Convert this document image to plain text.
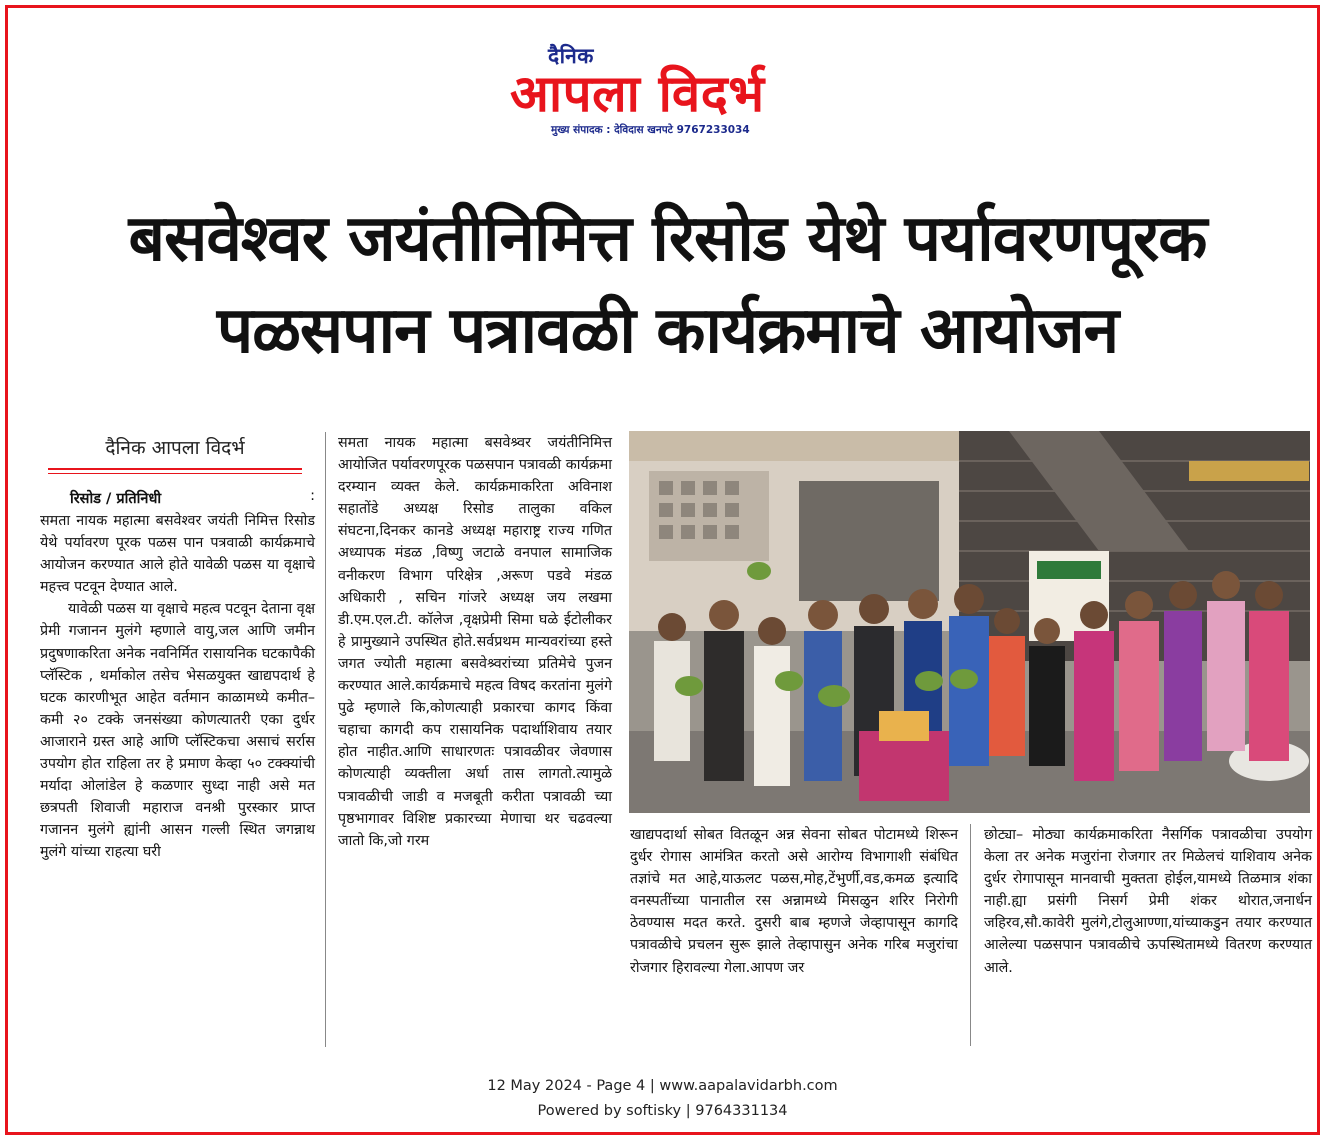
दैनिक
आपला विदर्भ
मुख्य संपादक : देविदास खनपटे 9767233034
बसवेश्वर जयंतीनिमित्त रिसोड येथे पर्यावरणपूरक
पळसपान पत्रावळी कार्यक्रमाचे आयोजन
दैनिक आपला विदर्भ
रिसोड / प्रतिनिधी	:

समता नायक महात्मा बसवेश्वर जयंती निमित्त रिसोड येथे पर्यावरण पूरक पळस पान पत्रवाळी कार्यक्रमाचे आयोजन करण्यात आले होते यावेळी पळस या वृक्षाचे महत्त्व पटवून देण्यात आले.

यावेळी पळस या वृक्षाचे महत्व पटवून देताना वृक्ष प्रेमी गजानन मुलंगे म्हणाले वायु,जल आणि जमीन प्रदुषणाकरिता अनेक नवनिर्मित रासायनिक घटकापैकी प्लॅस्टिक , थर्माकोल तसेच भेसळयुक्त खाद्यपदार्थ हे घटक कारणीभूत आहेत वर्तमान काळामध्ये कमीत– कमी २० टक्के जनसंख्या कोणत्यातरी एका दुर्धर आजाराने ग्रस्त आहे आणि प्लॅस्टिकचा असाचं सर्रास उपयोग होत राहिला तर हे प्रमाण केव्हा ५० टक्क्यांची मर्यादा ओलांडेल हे कळणार सुध्दा नाही असे मत छत्रपती शिवाजी महाराज वनश्री पुरस्कार प्राप्त गजानन मुलंगे ह्यांनी आसन गल्ली स्थित जगन्नाथ मुलंगे यांच्या राहत्या घरी

समता नायक महात्मा बसवेश्र्वर जयंतीनिमित्त आयोजित पर्यावरणपूरक पळसपान पत्रावळी कार्यक्रमा दरम्यान व्यक्त केले. कार्यक्रमाकरिता अविनाश सहातोंडे अध्यक्ष रिसोड तालुका वकिल संघटना,दिनकर कानडे अध्यक्ष महाराष्ट्र राज्य गणित अध्यापक मंडळ ,विष्णु जटाळे वनपाल सामाजिक वनीकरण विभाग परिक्षेत्र ,अरूण पडवे मंडळ अधिकारी , सचिन गांजरे अध्यक्ष जय लखमा डी.एम.एल.टी. कॉलेज ,वृक्षप्रेमी सिमा घळे ईटोलीकर हे प्रामुख्याने उपस्थित होते.सर्वप्रथम मान्यवरांच्या हस्ते जगत ज्योती महात्मा बसवेश्र्वरांच्या प्रतिमेचे पुजन करण्यात आले.कार्यक्रमाचे महत्व विषद करतांना मुलंगे पुढे म्हणाले कि,कोणत्याही प्रकारचा कागद किंवा चहाचा कागदी कप रासायनिक पदार्थाशिवाय तयार होत नाहीत.आणि साधारणतः पत्रावळीवर जेवणास कोणत्याही व्यक्तीला अर्धा तास लागतो.त्यामुळे पत्रावळीची जाडी व मजबूती करीता पत्रावळी च्या पृष्ठभागावर विशिष्ट प्रकारच्या मेणाचा थर चढवल्या जातो कि,जो गरम	खाद्यपदार्था सोबत वितळून अन्न सेवना सोबत पोटामध्ये शिरून दुर्धर रोगास आमंत्रित करतो असे आरोग्य विभागाशी संबंधित तज्ञांचे मत आहे,याऊलट पळस,मोह,टेंभुर्णी,वड,कमळ इत्यादि वनस्पतींच्या पानातील रस अन्नामध्ये मिसळुन शरिर निरोगी ठेवण्यास मदत करते. दुसरी बाब म्हणजे जेव्हापासून कागदि पत्रावळीचे प्रचलन सुरू झाले तेव्हापासुन अनेक गरिब मजुरांचा रोजगार हिरावल्या गेला.आपण जर

छोट्या– मोठ्या कार्यक्रमाकरिता नैसर्गिक पत्रावळीचा उपयोग केला तर अनेक मजुरांना रोजगार तर मिळेलचं याशिवाय अनेक दुर्धर रोगापासून मानवाची मुक्तता होईल,यामध्ये तिळमात्र शंका नाही.ह्या प्रसंगी निसर्ग प्रेमी शंकर थोरात,जनार्धन जहिरव,सौ.कावेरी मुलंगे,टोलुआण्णा,यांच्याकडुन तयार करण्यात आलेल्या पळसपान पत्रावळीचे ऊपस्थितामध्ये वितरण करण्यात आले.

12 May 2024 - Page 4 | www.aapalavidarbh.com
Powered by softisky | 9764331134
